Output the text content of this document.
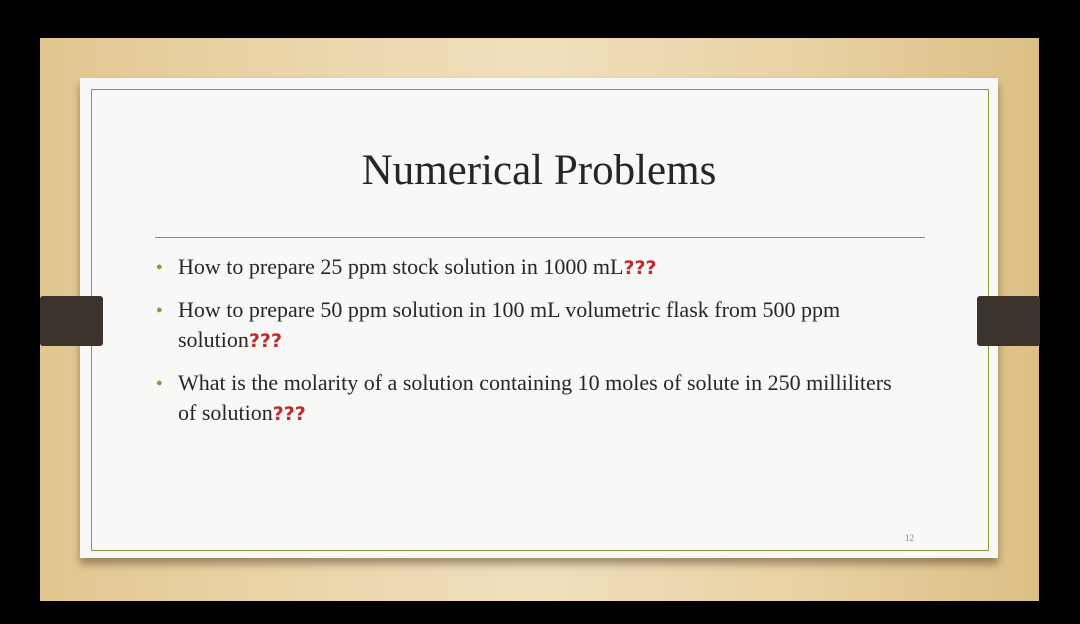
Numerical Problems
● How to prepare 25 ppm stock solution in 1000 mL???
● How to prepare 50 ppm solution in 100 mL volumetric flask from 500 ppm solution???
● What is the molarity of a solution containing 10 moles of solute in 250 milliliters of solution???
12
